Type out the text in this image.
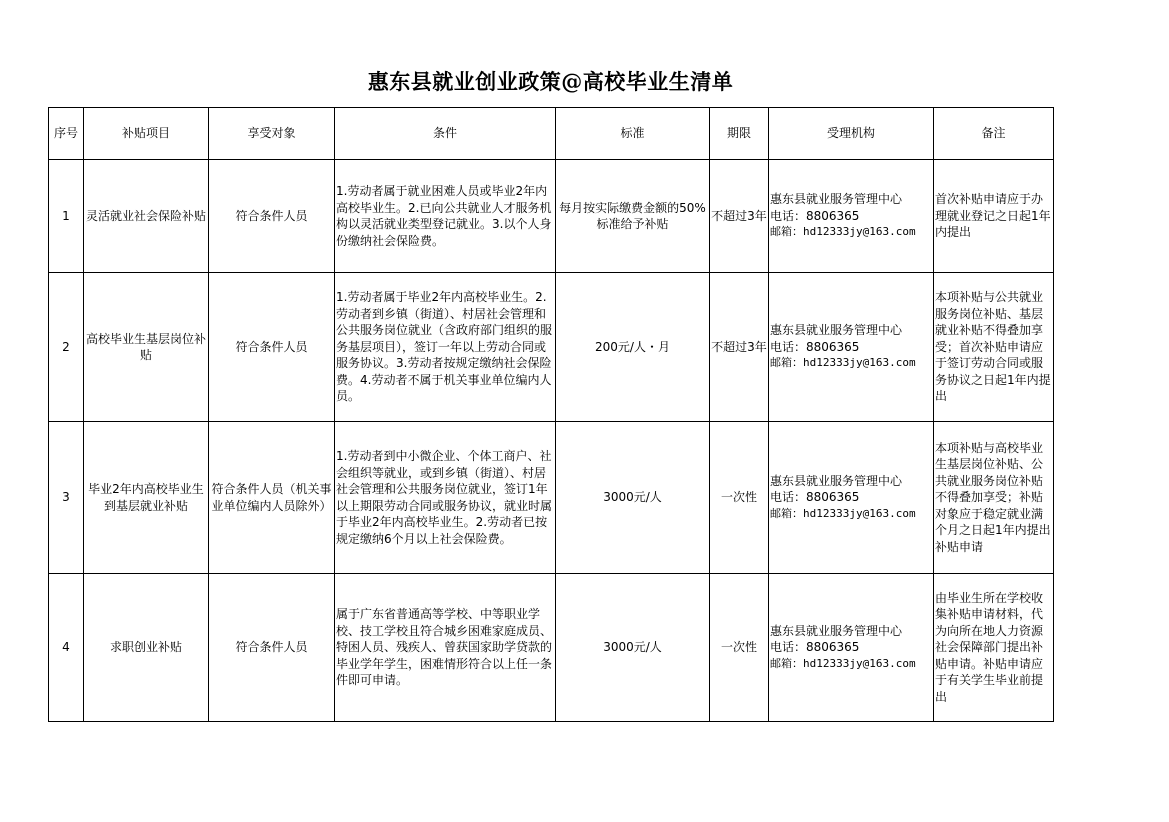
惠东县就业创业政策@高校毕业生清单
序号	补贴项目	享受对象	条件	标准	期限	受理机构	备注
1	灵活就业社会保险补贴	符合条件人员	1.劳动者属于就业困难人员或毕业2年内高校毕业生。2.已向公共就业人才服务机构以灵活就业类型登记就业。3.以个人身份缴纳社会保险费。	每月按实际缴费金额的50%标准给予补贴	不超过3年	惠东县就业服务管理中心
电话：8806365
邮箱：hd12333jy@163.com	首次补贴申请应于办理就业登记之日起1年内提出
2	高校毕业生基层岗位补贴	符合条件人员	1.劳动者属于毕业2年内高校毕业生。2.劳动者到乡镇（街道）、村居社会管理和公共服务岗位就业（含政府部门组织的服务基层项目），签订一年以上劳动合同或服务协议。3.劳动者按规定缴纳社会保险费。4.劳动者不属于机关事业单位编内人员。	200元/人・月	不超过3年	惠东县就业服务管理中心
电话：8806365
邮箱：hd12333jy@163.com	本项补贴与公共就业服务岗位补贴、基层就业补贴不得叠加享受；首次补贴申请应于签订劳动合同或服务协议之日起1年内提出
3	毕业2年内高校毕业生到基层就业补贴	符合条件人员（机关事业单位编内人员除外）	1.劳动者到中小微企业、个体工商户、社会组织等就业，或到乡镇（街道）、村居社会管理和公共服务岗位就业，签订1年以上期限劳动合同或服务协议，就业时属于毕业2年内高校毕业生。2.劳动者已按规定缴纳6个月以上社会保险费。	3000元/人	一次性	惠东县就业服务管理中心
电话：8806365
邮箱：hd12333jy@163.com	本项补贴与高校毕业生基层岗位补贴、公共就业服务岗位补贴不得叠加享受；补贴对象应于稳定就业满个月之日起1年内提出补贴申请
4	求职创业补贴	符合条件人员	属于广东省普通高等学校、中等职业学校、技工学校且符合城乡困难家庭成员、特困人员、残疾人、曾获国家助学贷款的毕业学年学生，困难情形符合以上任一条件即可申请。	3000元/人	一次性	惠东县就业服务管理中心
电话：8806365
邮箱：hd12333jy@163.com	由毕业生所在学校收集补贴申请材料，代为向所在地人力资源社会保障部门提出补贴申请。补贴申请应于有关学生毕业前提出
